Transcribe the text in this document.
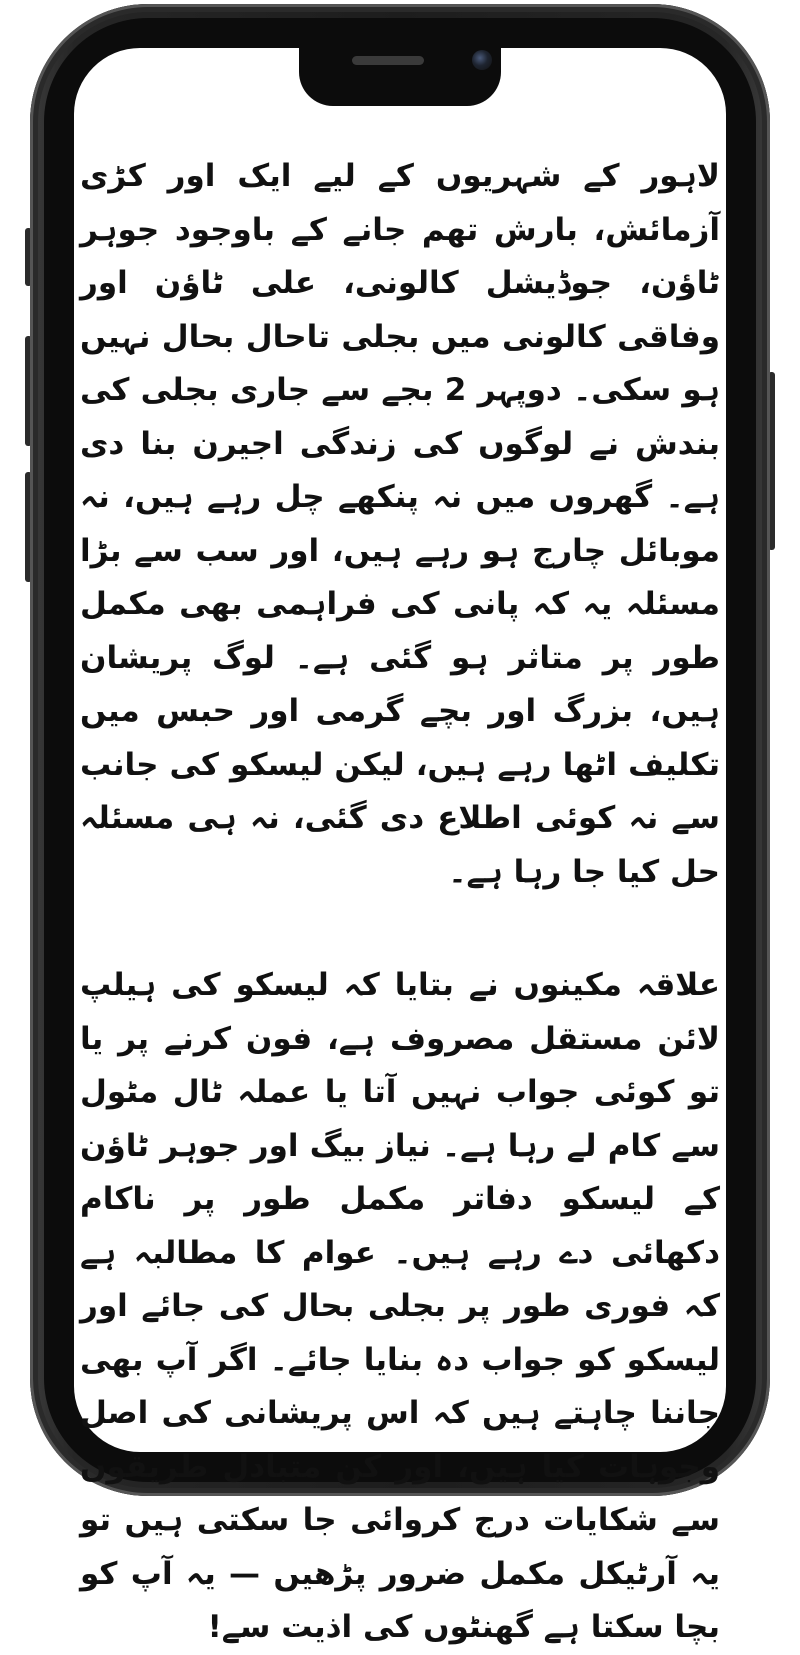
لاہور کے شہریوں کے لیے ایک اور کڑی آزمائش، بارش تھم جانے کے باوجود جوہر ٹاؤن، جوڈیشل کالونی، علی ٹاؤن اور وفاقی کالونی میں بجلی تاحال بحال نہیں ہو سکی۔ دوپہر 2 بجے سے جاری بجلی کی بندش نے لوگوں کی زندگی اجیرن بنا دی ہے۔ گھروں میں نہ پنکھے چل رہے ہیں، نہ موبائل چارج ہو رہے ہیں، اور سب سے بڑا مسئلہ یہ کہ پانی کی فراہمی بھی مکمل طور پر متاثر ہو گئی ہے۔ لوگ پریشان ہیں، بزرگ اور بچے گرمی اور حبس میں تکلیف اٹھا رہے ہیں، لیکن لیسکو کی جانب سے نہ کوئی اطلاع دی گئی، نہ ہی مسئلہ حل کیا جا رہا ہے۔

علاقہ مکینوں نے بتایا کہ لیسکو کی ہیلپ لائن مستقل مصروف ہے، فون کرنے پر یا تو کوئی جواب نہیں آتا یا عملہ ٹال مٹول سے کام لے رہا ہے۔ نیاز بیگ اور جوہر ٹاؤن کے لیسکو دفاتر مکمل طور پر ناکام دکھائی دے رہے ہیں۔ عوام کا مطالبہ ہے کہ فوری طور پر بجلی بحال کی جائے اور لیسکو کو جواب دہ بنایا جائے۔ اگر آپ بھی جاننا چاہتے ہیں کہ اس پریشانی کی اصل وجوہات کیا ہیں، اور کن متبادل طریقوں سے شکایات درج کروائی جا سکتی ہیں تو یہ آرٹیکل مکمل ضرور پڑھیں — یہ آپ کو بچا سکتا ہے گھنٹوں کی اذیت سے!
